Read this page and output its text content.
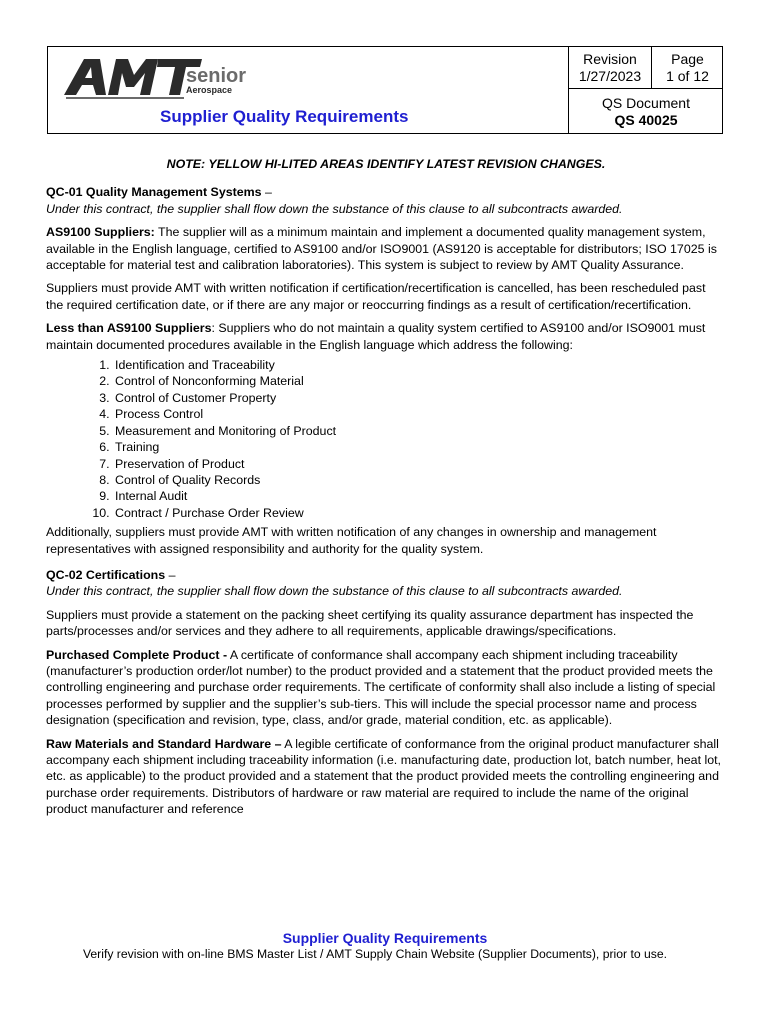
senior
Aerospace
Supplier Quality Requirements
Revision
1/27/2023
Page
1 of 12
QS Document
QS 40025
NOTE: YELLOW HI-LITED AREAS IDENTIFY LATEST REVISION CHANGES.
QC-01 Quality Management Systems –
Under this contract, the supplier shall flow down the substance of this clause to all subcontracts awarded.

AS9100 Suppliers: The supplier will as a minimum maintain and implement a documented quality management system, available in the English language, certified to AS9100 and/or ISO9001 (AS9120 is acceptable for distributors; ISO 17025 is acceptable for material test and calibration laboratories). This system is subject to review by AMT Quality Assurance.

Suppliers must provide AMT with written notification if certification/recertification is cancelled, has been rescheduled past the required certification date, or if there are any major or reoccurring findings as a result of certification/recertification.

Less than AS9100 Suppliers: Suppliers who do not maintain a quality system certified to AS9100 and/or ISO9001 must maintain documented procedures available in the English language which address the following:

1. Identification and Traceability
2. Control of Nonconforming Material
3. Control of Customer Property
4. Process Control
5. Measurement and Monitoring of Product
6. Training
7. Preservation of Product
8. Control of Quality Records
9. Internal Audit
10. Contract / Purchase Order Review

Additionally, suppliers must provide AMT with written notification of any changes in ownership and management representatives with assigned responsibility and authority for the quality system.

QC-02 Certifications –
Under this contract, the supplier shall flow down the substance of this clause to all subcontracts awarded.

Suppliers must provide a statement on the packing sheet certifying its quality assurance department has inspected the parts/processes and/or services and they adhere to all requirements, applicable drawings/specifications.

Purchased Complete Product - A certificate of conformance shall accompany each shipment including traceability (manufacturer’s production order/lot number) to the product provided and a statement that the product provided meets the controlling engineering and purchase order requirements. The certificate of conformity shall also include a listing of special processes performed by supplier and the supplier’s sub-tiers. This will include the special processor name and process designation (specification and revision, type, class, and/or grade, material condition, etc. as applicable).

Raw Materials and Standard Hardware – A legible certificate of conformance from the original product manufacturer shall accompany each shipment including traceability information (i.e. manufacturing date, production lot, batch number, heat lot, etc. as applicable) to the product provided and a statement that the product provided meets the controlling engineering and purchase order requirements. Distributors of hardware or raw material are required to include the name of the original product manufacturer and reference

Supplier Quality Requirements
Verify revision with on-line BMS Master List / AMT Supply Chain Website (Supplier Documents), prior to use.
